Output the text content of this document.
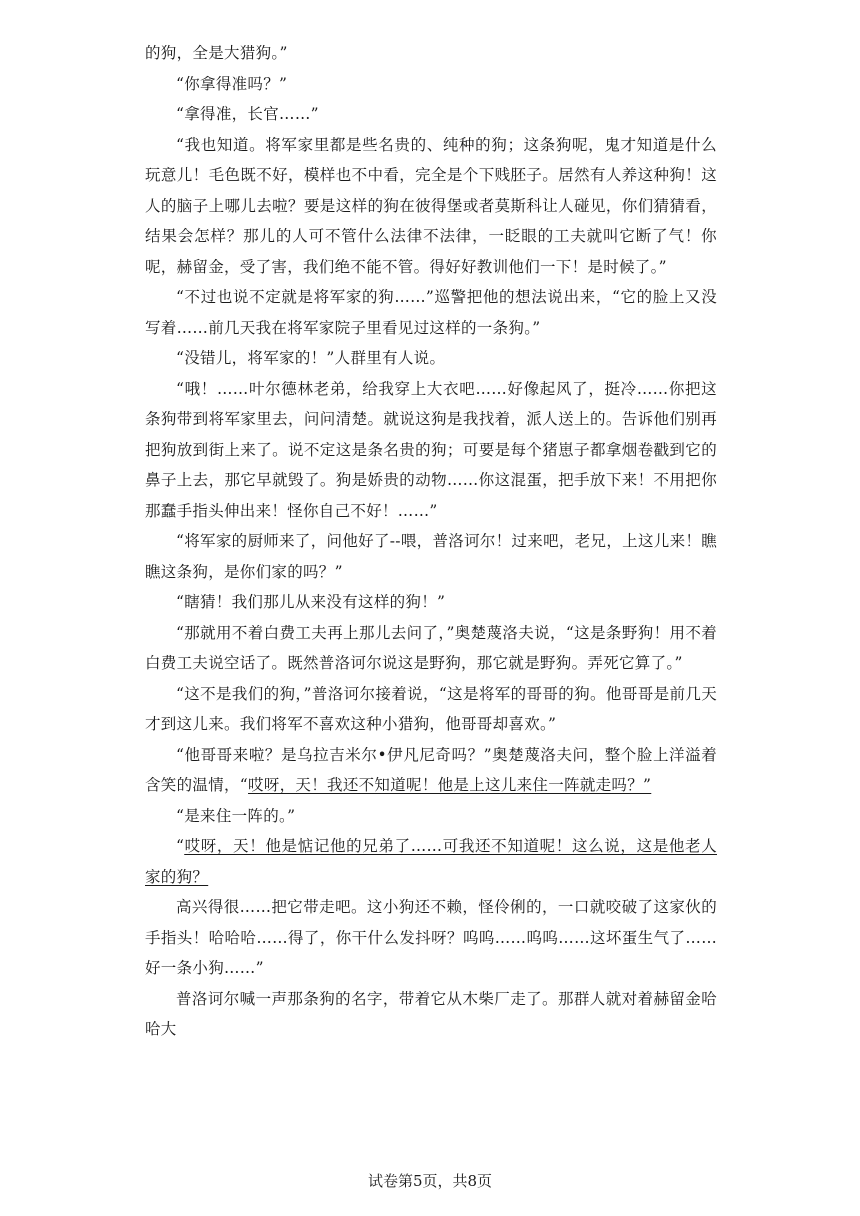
的狗，全是大猎狗。”

“你拿得准吗？”

“拿得准，长官……”

“我也知道。将军家里都是些名贵的、纯种的狗；这条狗呢，鬼才知道是什么玩意儿！毛色既不好，模样也不中看，完全是个下贱胚子。居然有人养这种狗！这人的脑子上哪儿去啦？要是这样的狗在彼得堡或者莫斯科让人碰见，你们猜猜看，结果会怎样？那儿的人可不管什么法律不法律，一眨眼的工夫就叫它断了气！你呢，赫留金，受了害，我们绝不能不管。得好好教训他们一下！是时候了。”

“不过也说不定就是将军家的狗……”巡警把他的想法说出来，“它的脸上又没写着……前几天我在将军家院子里看见过这样的一条狗。”

“没错儿，将军家的！”人群里有人说。

“哦！……叶尔德林老弟，给我穿上大衣吧……好像起风了，挺冷……你把这条狗带到将军家里去，问问清楚。就说这狗是我找着，派人送上的。告诉他们别再把狗放到街上来了。说不定这是条名贵的狗；可要是每个猪崽子都拿烟卷戳到它的鼻子上去，那它早就毁了。狗是娇贵的动物……你这混蛋，把手放下来！不用把你那蠢手指头伸出来！怪你自己不好！……”

“将军家的厨师来了，问他好了--喂，普洛诃尔！过来吧，老兄，上这儿来！瞧瞧这条狗，是你们家的吗？”

“瞎猜！我们那儿从来没有这样的狗！”

“那就用不着白费工夫再上那儿去问了，”奥楚蔑洛夫说，“这是条野狗！用不着白费工夫说空话了。既然普洛诃尔说这是野狗，那它就是野狗。弄死它算了。”

“这不是我们的狗，”普洛诃尔接着说，“这是将军的哥哥的狗。他哥哥是前几天才到这儿来。我们将军不喜欢这种小猎狗，他哥哥却喜欢。”

“他哥哥来啦？是乌拉吉米尔•伊凡尼奇吗？”奥楚蔑洛夫问，整个脸上洋溢着含笑的温情，“哎呀，天！我还不知道呢！他是上这儿来住一阵就走吗？”

“是来住一阵的。”

“哎呀，天！他是惦记他的兄弟了……可我还不知道呢！这么说，这是他老人家的狗？

高兴得很……把它带走吧。这小狗还不赖，怪伶俐的，一口就咬破了这家伙的手指头！哈哈哈……得了，你干什么发抖呀？呜呜……呜呜……这坏蛋生气了……好一条小狗……”

普洛诃尔喊一声那条狗的名字，带着它从木柴厂走了。那群人就对着赫留金哈哈大

试卷第5页，共8页
